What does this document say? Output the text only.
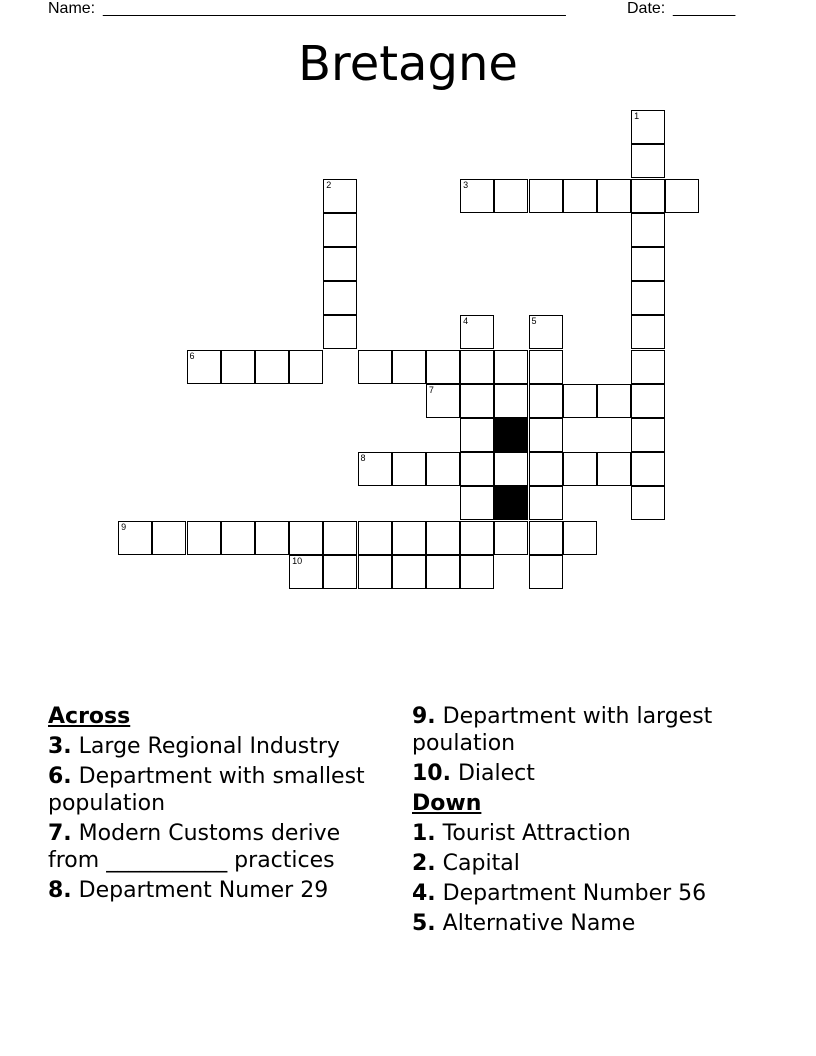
Name: ____________________________________________________	Date: _______
Bretagne
1
2	3
4	5
6
7
8
9
10
Across
3. Large Regional Industry
6. Department with smallest population
7. Modern Customs derive from ___________ practices
8. Department Numer 29
9. Department with largest poulation
10. Dialect
Down
1. Tourist Attraction
2. Capital
4. Department Number 56
5. Alternative Name
